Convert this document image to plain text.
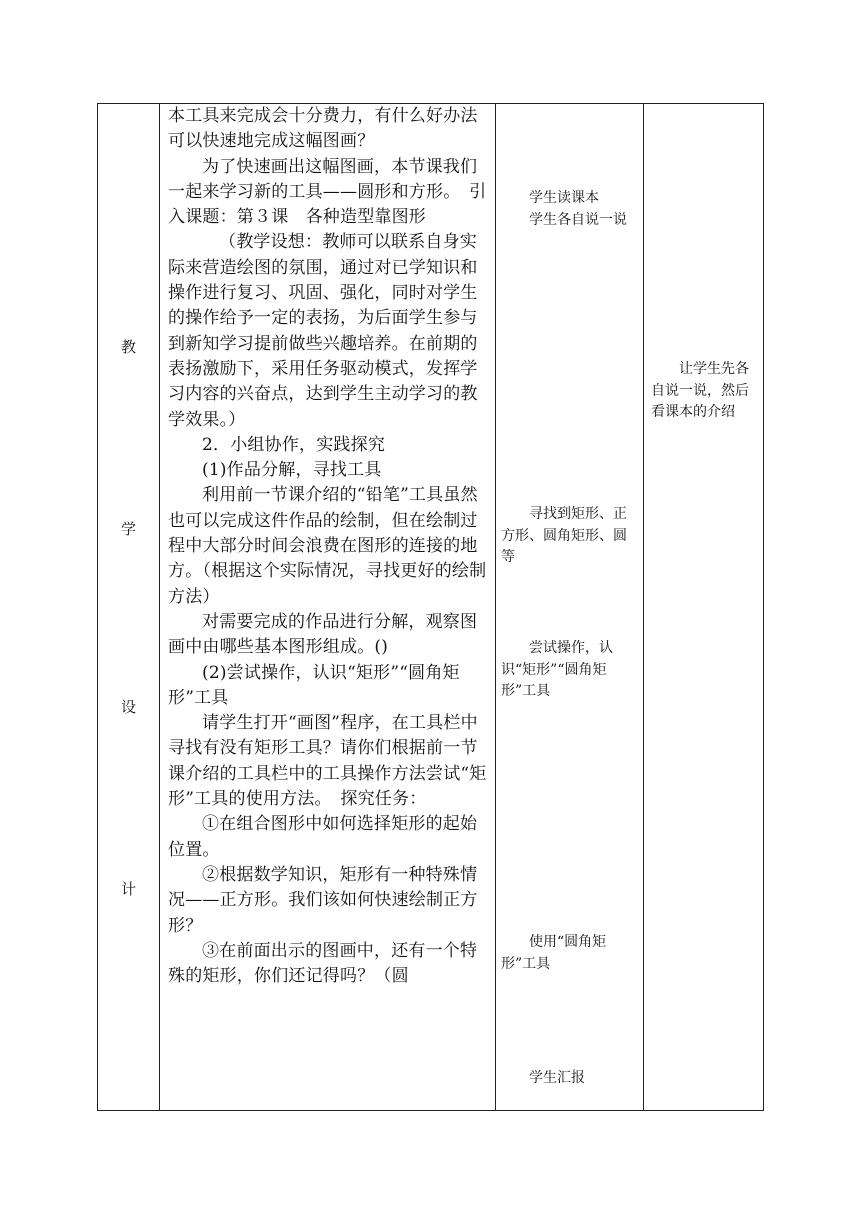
教
学
设
计

本工具来完成会十分费力，有什么好办法可以快速地完成这幅图画？

为了快速画出这幅图画，本节课我们一起来学习新的工具——圆形和方形。　引入课题：第３课　各种造型靠图形

（教学设想：教师可以联系自身实际来营造绘图的氛围，通过对已学知识和操作进行复习、巩固、强化，同时对学生的操作给予一定的表扬，为后面学生参与到新知学习提前做些兴趣培养。在前期的表扬激励下，采用任务驱动模式，发挥学习内容的兴奋点，达到学生主动学习的教学效果。）

2．小组协作，实践探究

(1)作品分解，寻找工具

利用前一节课介绍的“铅笔”工具虽然也可以完成这件作品的绘制，但在绘制过程中大部分时间会浪费在图形的连接的地方。（根据这个实际情况，寻找更好的绘制方法）

对需要完成的作品进行分解，观察图画中由哪些基本图形组成。()

(2)尝试操作，认识“矩形”“圆角矩形”工具

请学生打开“画图”程序，在工具栏中寻找有没有矩形工具？请你们根据前一节课介绍的工具栏中的工具操作方法尝试“矩形”工具的使用方法。　探究任务：

①在组合图形中如何选择矩形的起始位置。

②根据数学知识，矩形有一种特殊情况——正方形。我们该如何快速绘制正方形？

③在前面出示的图画中，还有一个特殊的矩形，你们还记得吗？（圆

学生读课本

学生各自说一说

寻找到矩形、正方形、圆角矩形、圆等

尝试操作，认识“矩形”“圆角矩形”工具

使用“圆角矩形”工具

学生汇报

让学生先各自说一说，然后看课本的介绍
